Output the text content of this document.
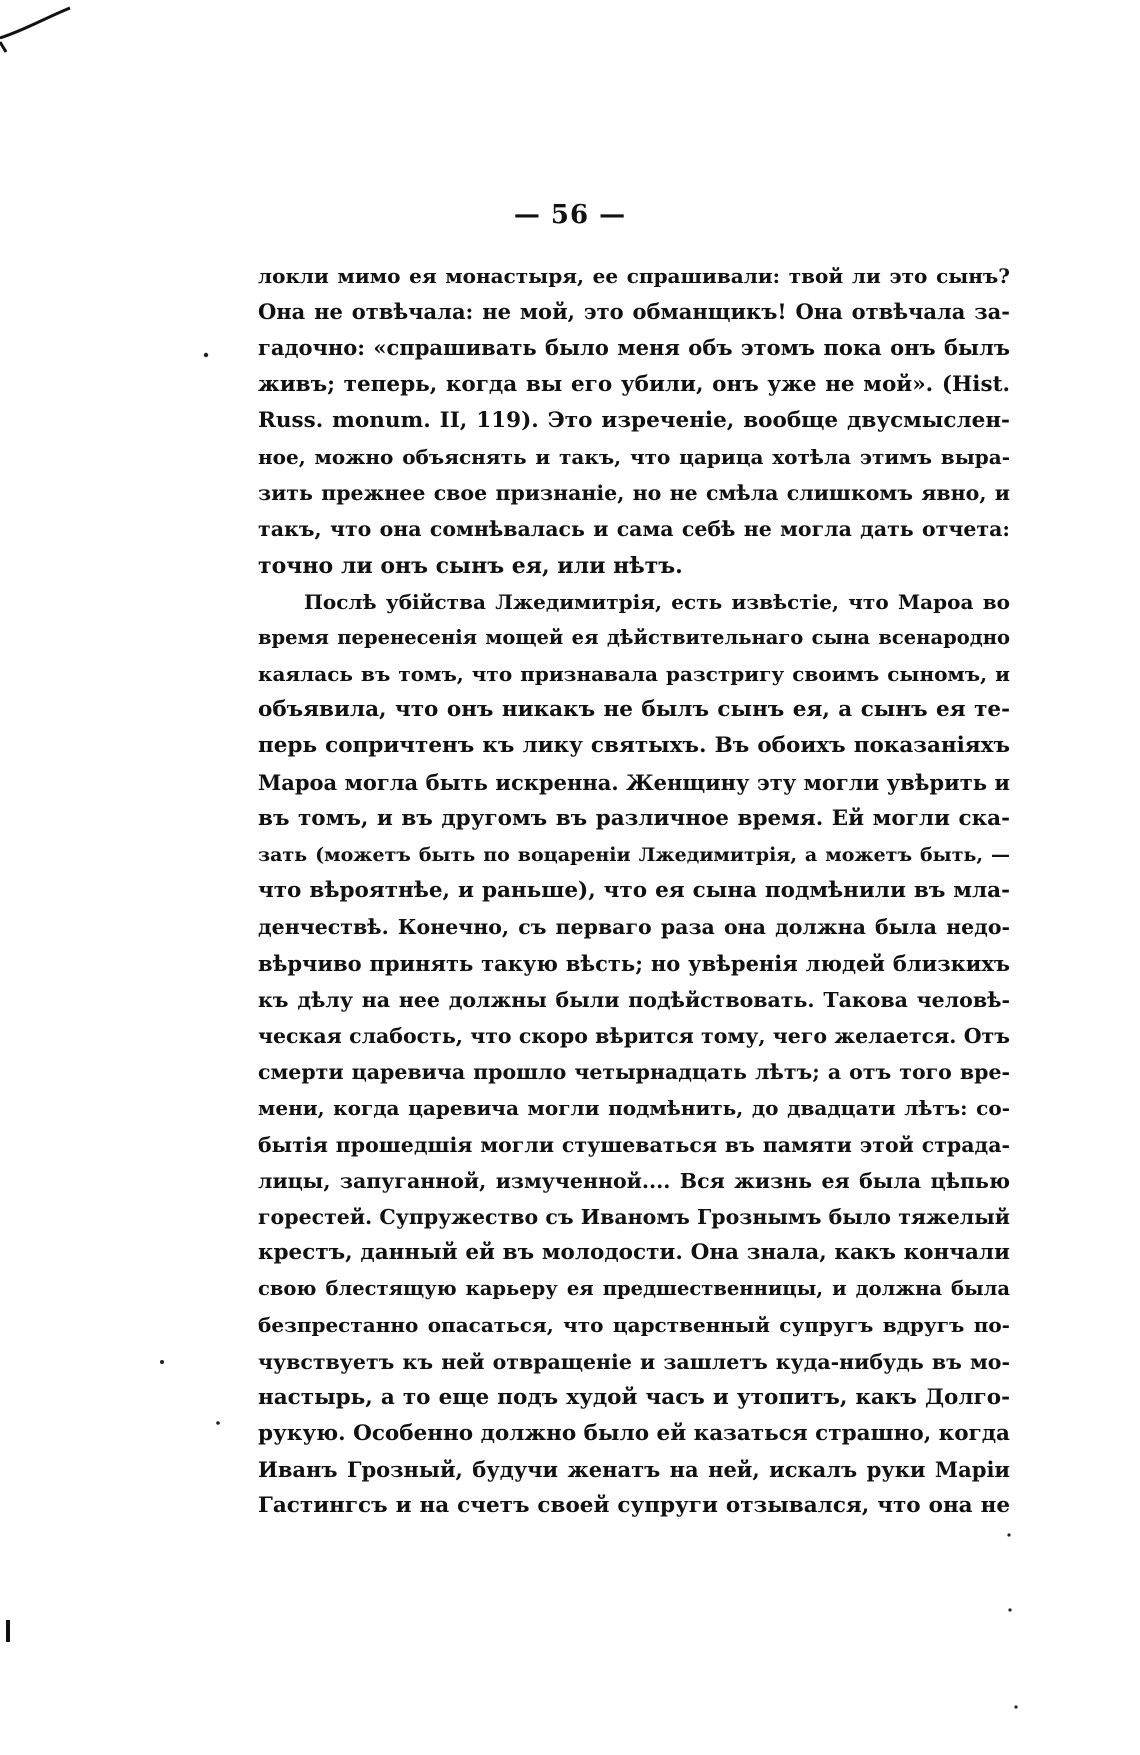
— 56 —
локли мимо ея монастыря, ее спрашивали: твой ли это сынъ?
Она не отвѣчала: не мой, это обманщикъ! Она отвѣчала за-
гадочно: «спрашивать было меня объ этомъ пока онъ былъ
живъ; теперь, когда вы его убили, онъ уже не мой». (Hist.
Russ. monum. II, 119). Это изреченіе, вообще двусмыслен-
ное, можно объяснять и такъ, что царица хотѣла этимъ выра-
зить прежнее свое признаніе, но не смѣла слишкомъ явно, и
такъ, что она сомнѣвалась и сама себѣ не могла дать отчета:
точно ли онъ сынъ ея, или нѣтъ.
Послѣ убійства Лжедимитрія, есть извѣстіе, что Мароа во
время перенесенія мощей ея дѣйствительнаго сына всенародно
каялась въ томъ, что признавала разстригу своимъ сыномъ, и
объявила, что онъ никакъ не былъ сынъ ея, а сынъ ея те-
перь сопричтенъ къ лику святыхъ. Въ обоихъ показаніяхъ
Мароа могла быть искренна. Женщину эту могли увѣрить и
въ томъ, и въ другомъ въ различное время. Ей могли ска-
зать (можетъ быть по воцареніи Лжедимитрія, а можетъ быть, —
что вѣроятнѣе, и раньше), что ея сына подмѣнили въ мла-
денчествѣ. Конечно, съ перваго раза она должна была недо-
вѣрчиво принять такую вѣсть; но увѣренія людей близкихъ
къ дѣлу на нее должны были подѣйствовать. Такова человѣ-
ческая слабость, что скоро вѣрится тому, чего желается. Отъ
смерти царевича прошло четырнадцать лѣтъ; а отъ того вре-
мени, когда царевича могли подмѣнить, до двадцати лѣтъ: со-
бытія прошедшія могли стушеваться въ памяти этой страда-
лицы, запуганной, измученной.... Вся жизнь ея была цѣпью
горестей. Супружество съ Иваномъ Грознымъ было тяжелый
крестъ, данный ей въ молодости. Она знала, какъ кончали
свою блестящую карьеру ея предшественницы, и должна была
безпрестанно опасаться, что царственный супругъ вдругъ по-
чувствуетъ къ ней отвращеніе и зашлетъ куда-нибудь въ мо-
настырь, а то еще подъ худой часъ и утопитъ, какъ Долго-
рукую. Особенно должно было ей казаться страшно, когда
Иванъ Грозный, будучи женатъ на ней, искалъ руки Маріи
Гастингсъ и на счетъ своей супруги отзывался, что она не
